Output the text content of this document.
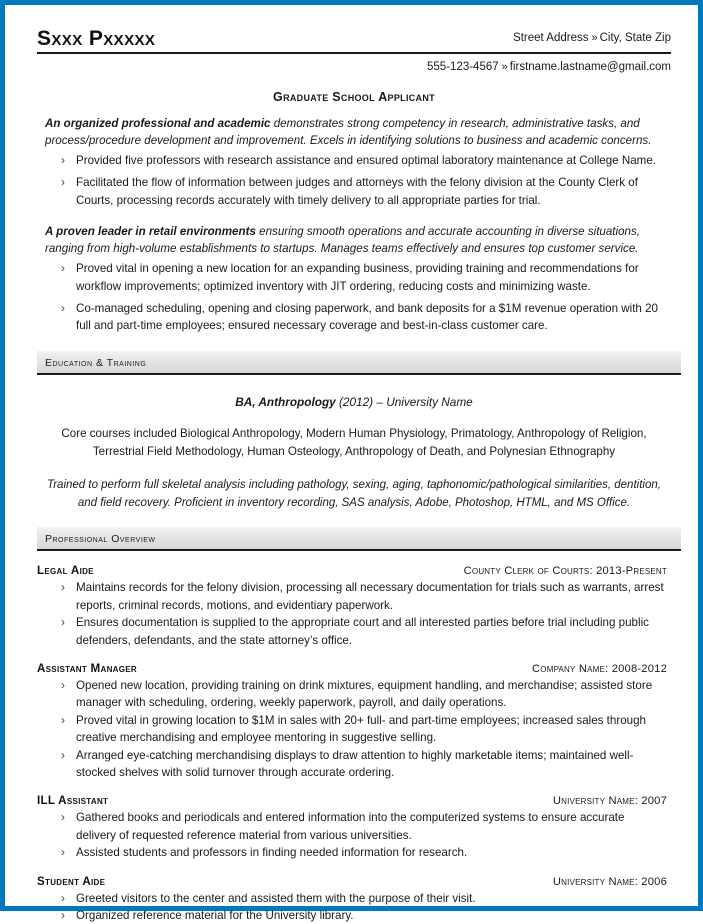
Sxxx Pxxxxx	Street Address » City, State Zip
555-123-4567 » firstname.lastname@gmail.com
Graduate School Applicant

An organized professional and academic demonstrates strong competency in research, administrative tasks, and process/procedure development and improvement. Excels in identifying solutions to business and academic concerns.

› Provided five professors with research assistance and ensured optimal laboratory maintenance at College Name.
› Facilitated the flow of information between judges and attorneys with the felony division at the County Clerk of Courts, processing records accurately with timely delivery to all appropriate parties for trial.

A proven leader in retail environments ensuring smooth operations and accurate accounting in diverse situations, ranging from high-volume establishments to startups. Manages teams effectively and ensures top customer service.

› Proved vital in opening a new location for an expanding business, providing training and recommendations for workflow improvements; optimized inventory with JIT ordering, reducing costs and minimizing waste.
› Co-managed scheduling, opening and closing paperwork, and bank deposits for a $1M revenue operation with 20 full and part-time employees; ensured necessary coverage and best-in-class customer care.
Education & Training
BA, Anthropology (2012) – University Name
Core courses included Biological Anthropology, Modern Human Physiology, Primatology, Anthropology of Religion, Terrestrial Field Methodology, Human Osteology, Anthropology of Death, and Polynesian Ethnography
Trained to perform full skeletal analysis including pathology, sexing, aging, taphonomic/pathological similarities, dentition, and field recovery. Proficient in inventory recording, SAS analysis, Adobe, Photoshop, HTML, and MS Office.
Professional Overview
Legal Aide	County Clerk of Courts: 2013-Present
› Maintains records for the felony division, processing all necessary documentation for trials such as warrants, arrest reports, criminal records, motions, and evidentiary paperwork.
› Ensures documentation is supplied to the appropriate court and all interested parties before trial including public defenders, defendants, and the state attorney’s office.
Assistant Manager	Company Name: 2008-2012
› Opened new location, providing training on drink mixtures, equipment handling, and merchandise; assisted store manager with scheduling, ordering, weekly paperwork, payroll, and daily operations.
› Proved vital in growing location to $1M in sales with 20+ full- and part-time employees; increased sales through creative merchandising and employee mentoring in suggestive selling.
› Arranged eye-catching merchandising displays to draw attention to highly marketable items; maintained well-stocked shelves with solid turnover through accurate ordering.
ILL Assistant	University Name: 2007
› Gathered books and periodicals and entered information into the computerized systems to ensure accurate delivery of requested reference material from various universities.
› Assisted students and professors in finding needed information for research.
Student Aide	University Name: 2006
› Greeted visitors to the center and assisted them with the purpose of their visit.
› Organized reference material for the University library.
